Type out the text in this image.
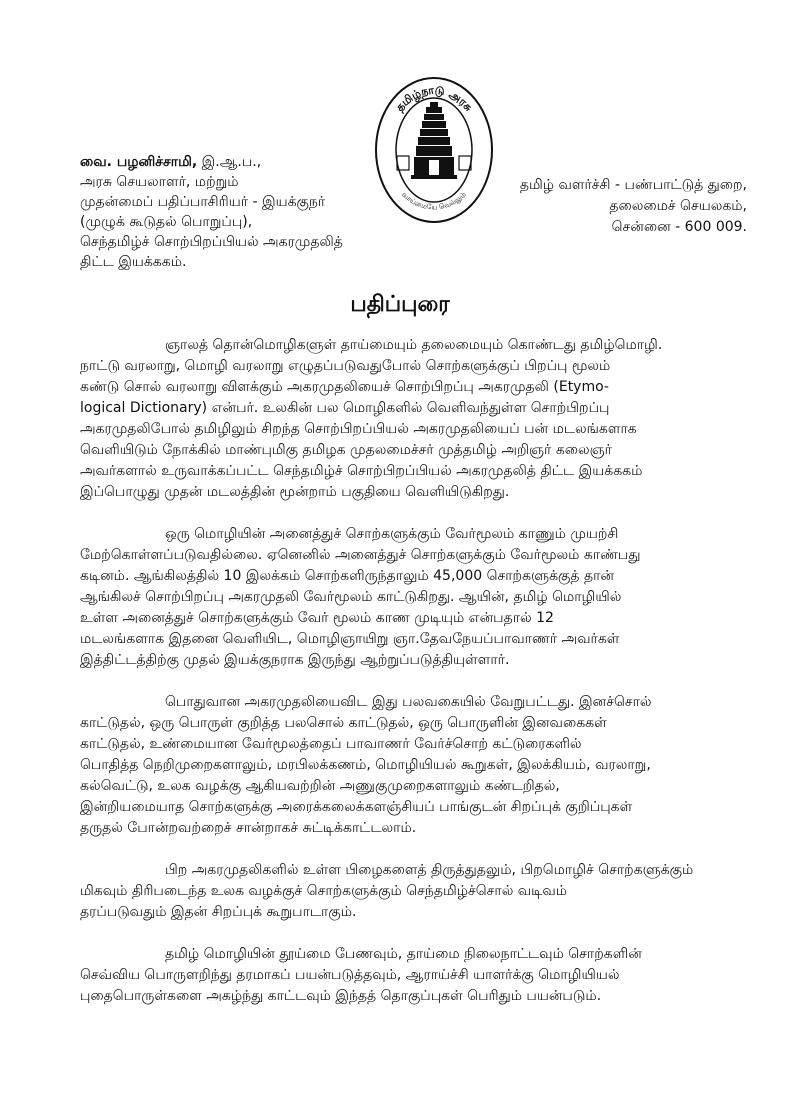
தமிழ்நாடு அரசு
வாய்மையே வெல்லும்
வை. பழனிச்சாமி, இ.ஆ.ப.,
அரசு செயலாளர், மற்றும்
முதன்மைப் பதிப்பாசிரியர் - இயக்குநர்
(முழுக் கூடுதல் பொறுப்பு),
செந்தமிழ்ச் சொற்பிறப்பியல் அகரமுதலித்
திட்ட இயக்ககம்.
தமிழ் வளர்ச்சி - பண்பாட்டுத் துறை,
தலைமைச் செயலகம்,
சென்னை - 600 009.
பதிப்புரை
ஞாலத் தொன்மொழிகளுள் தாய்மையும் தலைமையும் கொண்டது தமிழ்மொழி.
நாட்டு வரலாறு, மொழி வரலாறு எழுதப்படுவதுபோல் சொற்களுக்குப் பிறப்பு மூலம்
கண்டு சொல் வரலாறு விளக்கும் அகரமுதலியைச் சொற்பிறப்பு அகரமுதலி (Etymo-
logical Dictionary) என்பர். உலகின் பல மொழிகளில் வெளிவந்துள்ள சொற்பிறப்பு
அகரமுதலிபோல் தமிழிலும் சிறந்த சொற்பிறப்பியல் அகரமுதலியைப் பன் மடலங்களாக
வெளியிடும் நோக்கில் மாண்புமிகு தமிழக முதலமைச்சர் முத்தமிழ் அறிஞர் கலைஞர்
அவர்களால் உருவாக்கப்பட்ட செந்தமிழ்ச் சொற்பிறப்பியல் அகரமுதலித் திட்ட இயக்ககம்
இப்பொழுது முதன் மடலத்தின் மூன்றாம் பகுதியை வெளியிடுகிறது.
ஒரு மொழியின் அனைத்துச் சொற்களுக்கும் வேர்மூலம் காணும் முயற்சி
மேற்கொள்ளப்படுவதில்லை. ஏனெனில் அனைத்துச் சொற்களுக்கும் வேர்மூலம் காண்பது
கடினம். ஆங்கிலத்தில் 10 இலக்கம் சொற்களிருந்தாலும் 45,000 சொற்களுக்குத் தான்
ஆங்கிலச் சொற்பிறப்பு அகரமுதலி வேர்மூலம் காட்டுகிறது. ஆயின், தமிழ் மொழியில்
உள்ள அனைத்துச் சொற்களுக்கும் வேர் மூலம் காண முடியும் என்பதால் 12
மடலங்களாக இதனை வெளியிட, மொழிஞாயிறு ஞா.தேவநேயப்பாவாணர் அவர்கள்
இத்திட்டத்திற்கு முதல் இயக்குநராக இருந்து ஆற்றுப்படுத்தியுள்ளார்.
பொதுவான அகரமுதலியைவிட இது பலவகையில் வேறுபட்டது. இனச்சொல்
காட்டுதல், ஒரு பொருள் குறித்த பலசொல் காட்டுதல், ஒரு பொருளின் இனவகைகள்
காட்டுதல், உண்மையான வேர்மூலத்தைப் பாவாணர் வேர்ச்சொற் கட்டுரைகளில்
பொதித்த நெறிமுறைகளாலும், மரபிலக்கணம், மொழியியல் கூறுகள், இலக்கியம், வரலாறு,
கல்வெட்டு, உலக வழக்கு ஆகியவற்றின் அணுகுமுறைகளாலும் கண்டறிதல்,
இன்றியமையாத சொற்களுக்கு அரைக்கலைக்களஞ்சியப் பாங்குடன் சிறப்புக் குறிப்புகள்
தருதல் போன்றவற்றைச் சான்றாகச் சுட்டிக்காட்டலாம்.
பிற அகரமுதலிகளில் உள்ள பிழைகளைத் திருத்துதலும், பிறமொழிச் சொற்களுக்கும்
மிகவும் திரிபடைந்த உலக வழக்குச் சொற்களுக்கும் செந்தமிழ்ச்சொல் வடிவம்
தரப்படுவதும் இதன் சிறப்புக் கூறுபாடாகும்.
தமிழ் மொழியின் தூய்மை பேணவும், தாய்மை நிலைநாட்டவும் சொற்களின்
செவ்விய பொருளறிந்து தரமாகப் பயன்படுத்தவும், ஆராய்ச்சி யாளர்க்கு மொழியியல்
புதைபொருள்களை அகழ்ந்து காட்டவும் இந்தத் தொகுப்புகள் பெரிதும் பயன்படும்.
